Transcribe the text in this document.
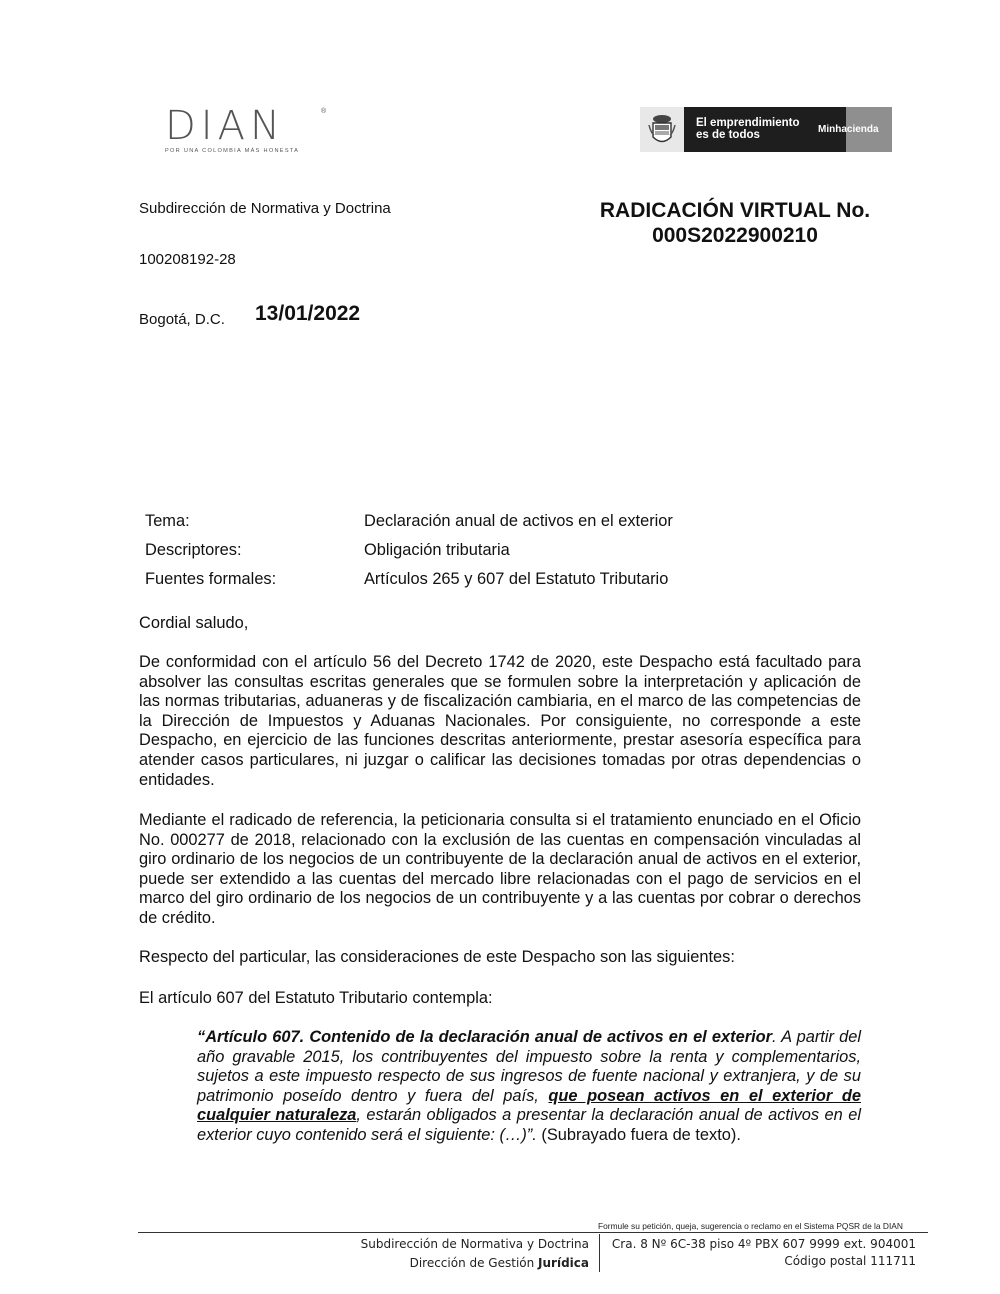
DIAN	®
POR UNA COLOMBIA MÁS HONESTA
El emprendimiento
es de todos	Minhacienda
Subdirección de Normativa y Doctrina
100208192-28
RADICACIÓN VIRTUAL No.
000S2022900210
Bogotá, D.C. 13/01/2022
Tema:	Declaración anual de activos en el exterior
Descriptores:	Obligación tributaria
Fuentes formales:	Artículos 265 y 607 del Estatuto Tributario
Cordial saludo,
De conformidad con el artículo 56 del Decreto 1742 de 2020, este Despacho está facultado para absolver las consultas escritas generales que se formulen sobre la interpretación y aplicación de las normas tributarias, aduaneras y de fiscalización cambiaria, en el marco de las competencias de la Dirección de Impuestos y Aduanas Nacionales. Por consiguiente, no corresponde a este Despacho, en ejercicio de las funciones descritas anteriormente, prestar asesoría específica para atender casos particulares, ni juzgar o calificar las decisiones tomadas por otras dependencias o entidades.
Mediante el radicado de referencia, la peticionaria consulta si el tratamiento enunciado en el Oficio No. 000277 de 2018, relacionado con la exclusión de las cuentas en compensación vinculadas al giro ordinario de los negocios de un contribuyente de la declaración anual de activos en el exterior, puede ser extendido a las cuentas del mercado libre relacionadas con el pago de servicios en el marco del giro ordinario de los negocios de un contribuyente y a las cuentas por cobrar o derechos de crédito.
Respecto del particular, las consideraciones de este Despacho son las siguientes:
El artículo 607 del Estatuto Tributario contempla:
“Artículo 607. Contenido de la declaración anual de activos en el exterior. A partir del año gravable 2015, los contribuyentes del impuesto sobre la renta y complementarios, sujetos a este impuesto respecto de sus ingresos de fuente nacional y extranjera, y de su patrimonio poseído dentro y fuera del país, que posean activos en el exterior de cualquier naturaleza, estarán obligados a presentar la declaración anual de activos en el exterior cuyo contenido será el siguiente: (…)”. (Subrayado fuera de texto).
Formule su petición, queja, sugerencia o reclamo en el Sistema PQSR de la DIAN
Subdirección de Normativa y Doctrina
Dirección de Gestión Jurídica
Cra. 8 Nº 6C-38 piso 4º PBX 607 9999 ext. 904001
Código postal 111711
